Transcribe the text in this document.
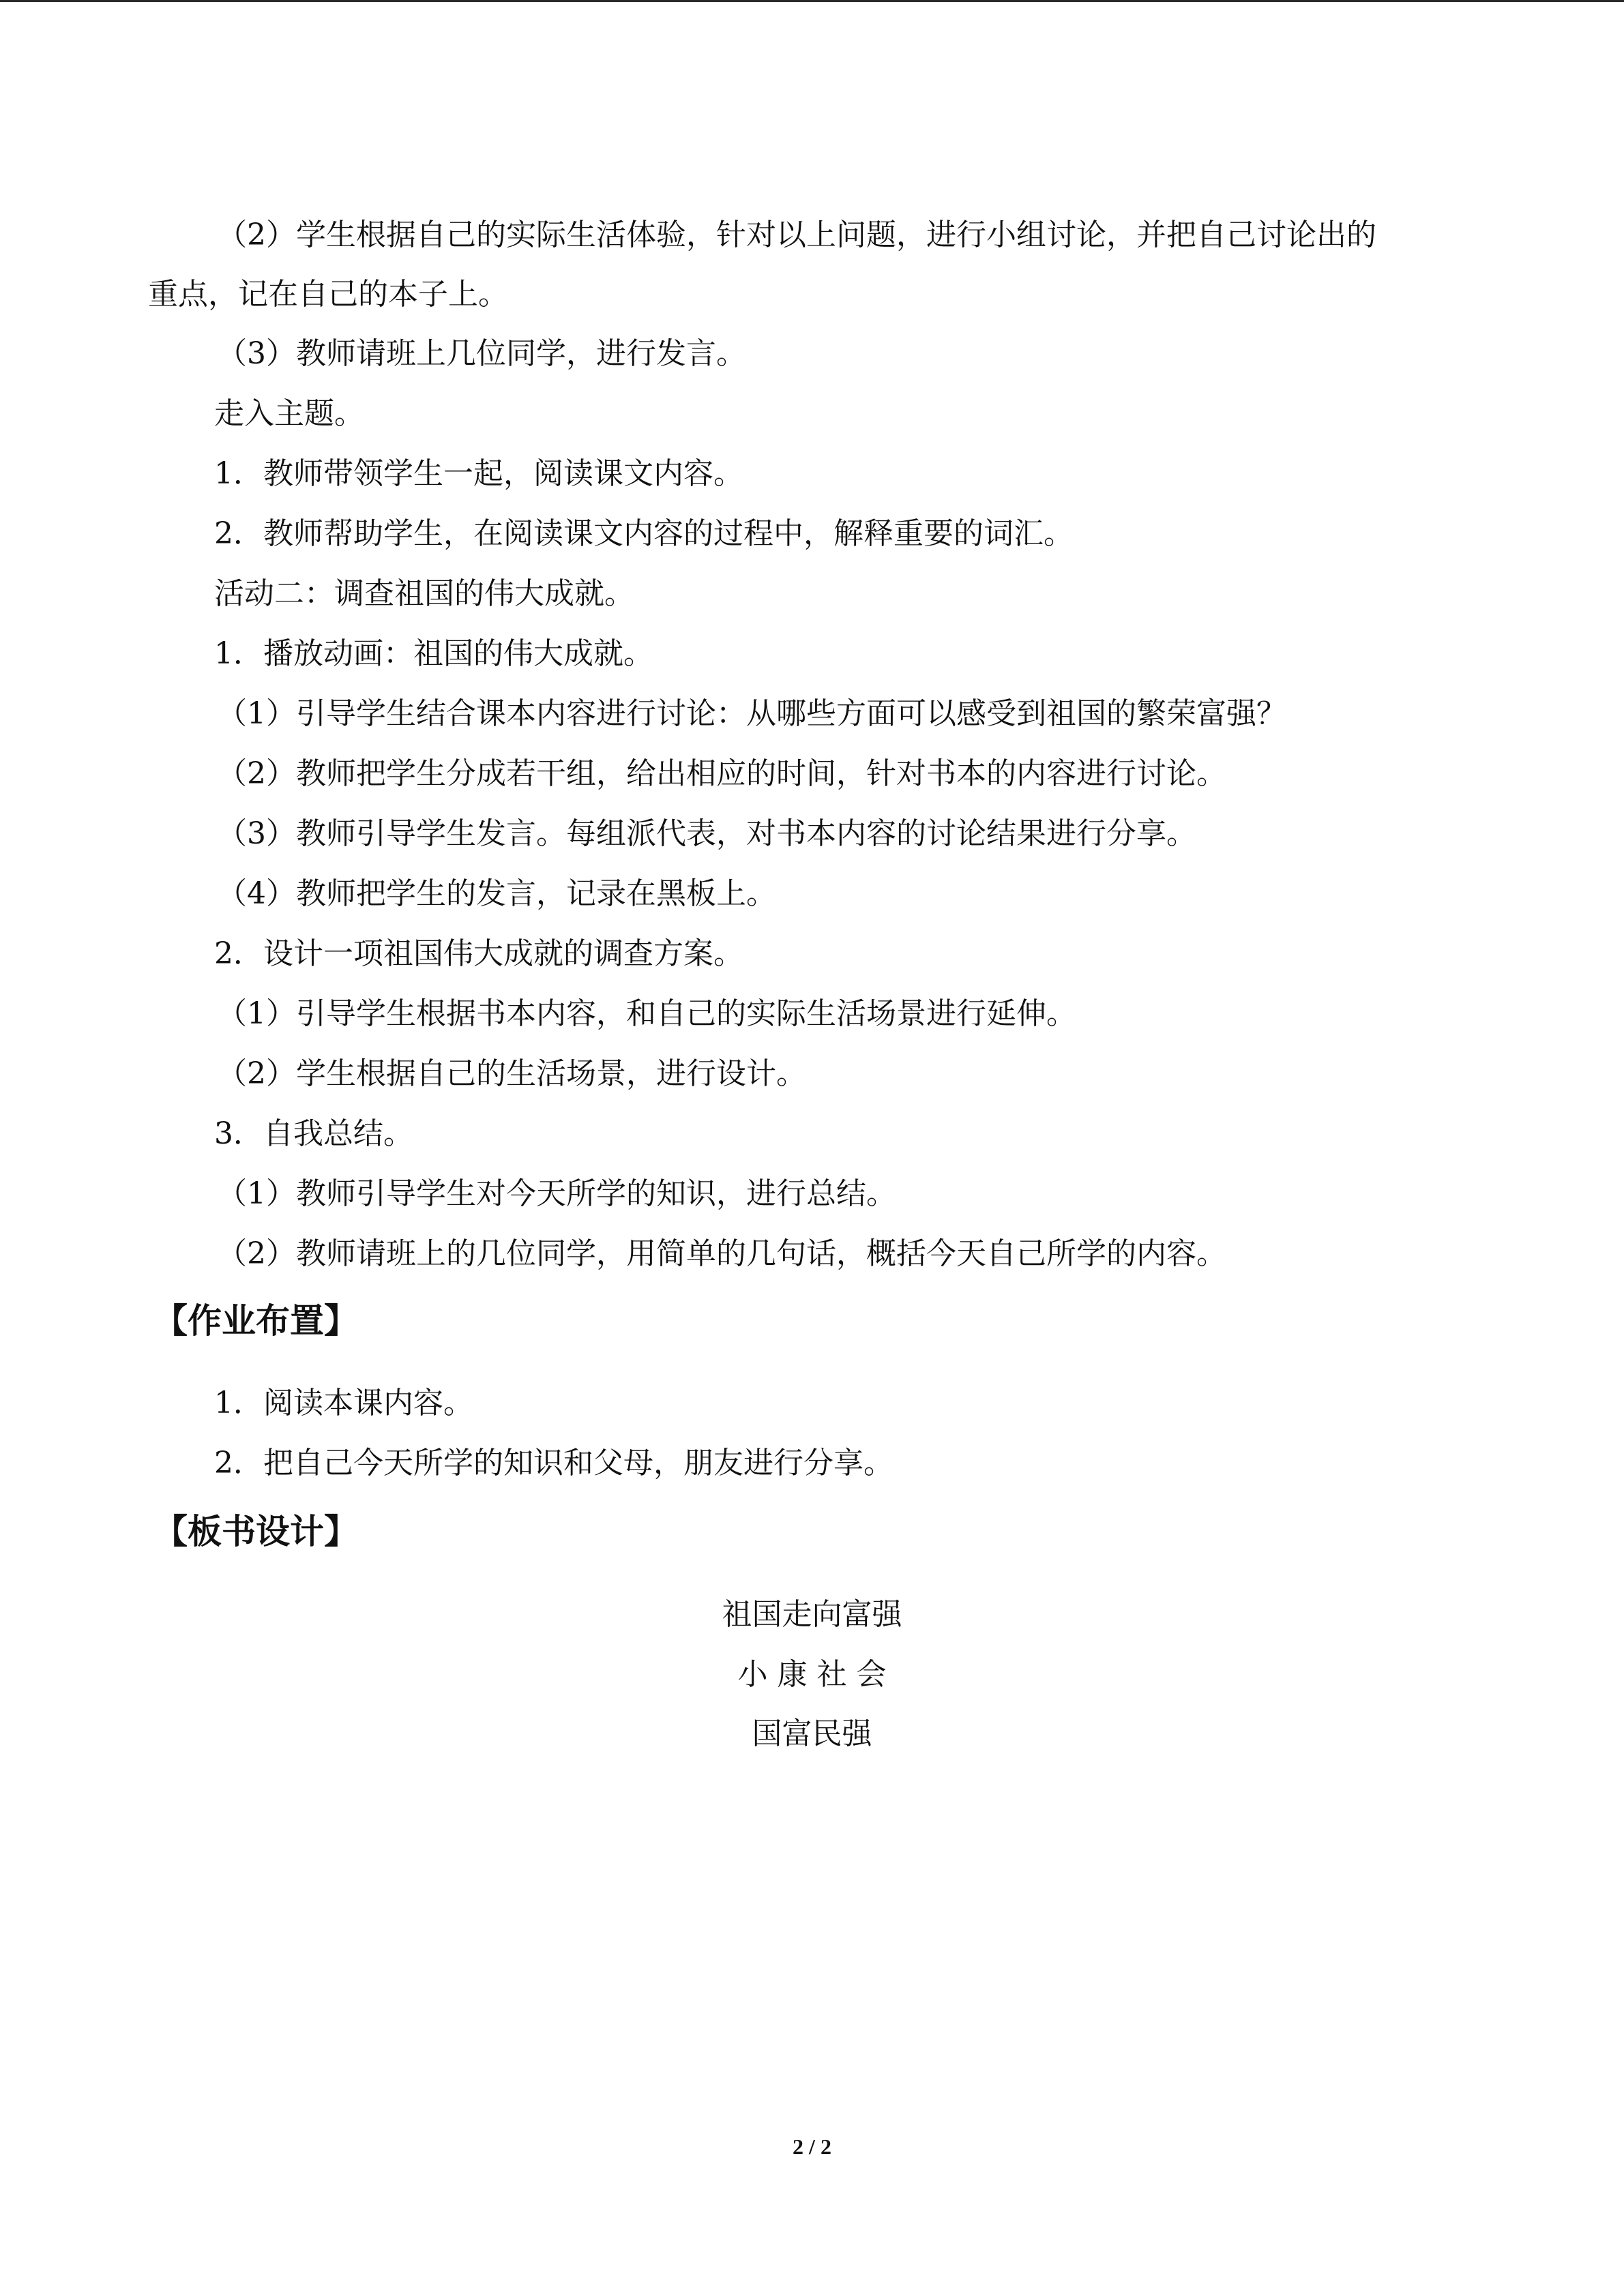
（2）学生根据自己的实际生活体验，针对以上问题，进行小组讨论，并把自己讨论出的
重点，记在自己的本子上。
（3）教师请班上几位同学，进行发言。
走入主题。
1．教师带领学生一起，阅读课文内容。
2．教师帮助学生，在阅读课文内容的过程中，解释重要的词汇。
活动二：调查祖国的伟大成就。
1．播放动画：祖国的伟大成就。
（1）引导学生结合课本内容进行讨论：从哪些方面可以感受到祖国的繁荣富强？
（2）教师把学生分成若干组，给出相应的时间，针对书本的内容进行讨论。
（3）教师引导学生发言。每组派代表，对书本内容的讨论结果进行分享。
（4）教师把学生的发言，记录在黑板上。
2．设计一项祖国伟大成就的调查方案。
（1）引导学生根据书本内容，和自己的实际生活场景进行延伸。
（2）学生根据自己的生活场景，进行设计。
3．自我总结。
（1）教师引导学生对今天所学的知识，进行总结。
（2）教师请班上的几位同学，用简单的几句话，概括今天自己所学的内容。
【作业布置】
1．阅读本课内容。
2．把自己今天所学的知识和父母，朋友进行分享。
【板书设计】
祖国走向富强
小 康 社 会
国富民强
2 / 2
